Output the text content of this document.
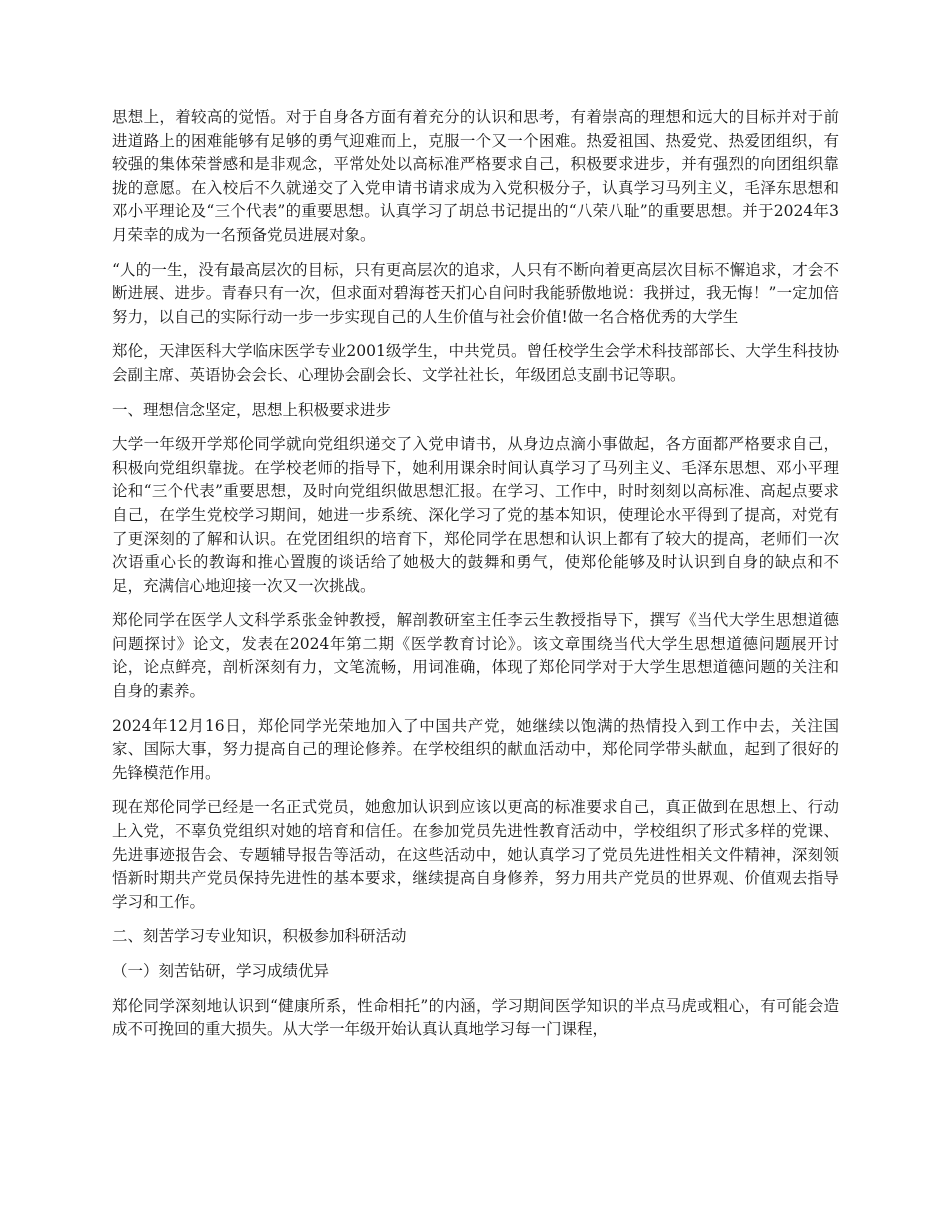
思想上，着较高的觉悟。对于自身各方面有着充分的认识和思考，有着崇高的理想和远大的目标并对于前进道路上的困难能够有足够的勇气迎难而上，克服一个又一个困难。热爱祖国、热爱党、热爱团组织，有较强的集体荣誉感和是非观念，平常处处以高标准严格要求自己，积极要求进步，并有强烈的向团组织靠拢的意愿。在入校后不久就递交了入党申请书请求成为入党积极分子，认真学习马列主义，毛泽东思想和邓小平理论及“三个代表”的重要思想。认真学习了胡总书记提出的“八荣八耻”的重要思想。并于2024年3月荣幸的成为一名预备党员进展对象。

“人的一生，没有最高层次的目标，只有更高层次的追求，人只有不断向着更高层次目标不懈追求，才会不断进展、进步。青春只有一次，但求面对碧海苍天扪心自问时我能骄傲地说：我拼过，我无悔！”一定加倍努力，以自己的实际行动一步一步实现自己的人生价值与社会价值!做一名合格优秀的大学生

郑伦，天津医科大学临床医学专业2001级学生，中共党员。曾任校学生会学术科技部部长、大学生科技协会副主席、英语协会会长、心理协会副会长、文学社社长，年级团总支副书记等职。

一、理想信念坚定，思想上积极要求进步

大学一年级开学郑伦同学就向党组织递交了入党申请书，从身边点滴小事做起，各方面都严格要求自己，积极向党组织靠拢。在学校老师的指导下，她利用课余时间认真学习了马列主义、毛泽东思想、邓小平理论和“三个代表”重要思想，及时向党组织做思想汇报。在学习、工作中，时时刻刻以高标准、高起点要求自己，在学生党校学习期间，她进一步系统、深化学习了党的基本知识，使理论水平得到了提高，对党有了更深刻的了解和认识。在党团组织的培育下，郑伦同学在思想和认识上都有了较大的提高，老师们一次次语重心长的教诲和推心置腹的谈话给了她极大的鼓舞和勇气，使郑伦能够及时认识到自身的缺点和不足，充满信心地迎接一次又一次挑战。

郑伦同学在医学人文科学系张金钟教授，解剖教研室主任李云生教授指导下，撰写《当代大学生思想道德问题探讨》论文，发表在2024年第二期《医学教育讨论》。该文章围绕当代大学生思想道德问题展开讨论，论点鲜亮，剖析深刻有力，文笔流畅，用词准确，体现了郑伦同学对于大学生思想道德问题的关注和自身的素养。

2024年12月16日，郑伦同学光荣地加入了中国共产党，她继续以饱满的热情投入到工作中去，关注国家、国际大事，努力提高自己的理论修养。在学校组织的献血活动中，郑伦同学带头献血，起到了很好的先锋模范作用。

现在郑伦同学已经是一名正式党员，她愈加认识到应该以更高的标准要求自己，真正做到在思想上、行动上入党，不辜负党组织对她的培育和信任。在参加党员先进性教育活动中，学校组织了形式多样的党课、先进事迹报告会、专题辅导报告等活动，在这些活动中，她认真学习了党员先进性相关文件精神，深刻领悟新时期共产党员保持先进性的基本要求，继续提高自身修养，努力用共产党员的世界观、价值观去指导学习和工作。

二、刻苦学习专业知识，积极参加科研活动

（一）刻苦钻研，学习成绩优异

郑伦同学深刻地认识到“健康所系，性命相托”的内涵，学习期间医学知识的半点马虎或粗心，有可能会造成不可挽回的重大损失。从大学一年级开始认真认真地学习每一门课程，
